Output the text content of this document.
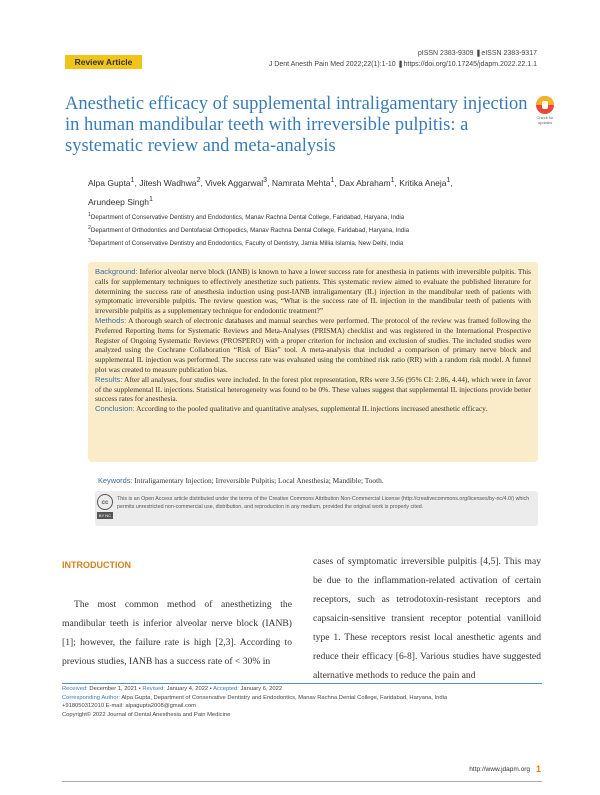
Review Article
pISSN 2383-9309 ❚eISSN 2383-9317
J Dent Anesth Pain Med 2022;22(1):1-10 ❚https://doi.org/10.17245/jdapm.2022.22.1.1
Check for updates
Anesthetic efficacy of supplemental intraligamentary injection in human mandibular teeth with irreversible pulpitis: a systematic review and meta-analysis
Alpa Gupta$^1$, Jitesh Wadhwa$^2$, Vivek Aggarwal$^3$, Namrata Mehta$^1$, Dax Abraham$^1$, Kritika Aneja$^1$,
Arundeep Singh$^1$
$^1$Department of Conservative Dentistry and Endodontics, Manav Rachna Dental College, Faridabad, Haryana, India
$^2$Department of Orthodontics and Dentofacial Orthopedics, Manav Rachna Dental College, Faridabad, Haryana, India
$^3$Department of Conservative Dentistry and Endodontics, Faculty of Dentistry, Jamia Millia Islamia, New Delhi, India
Background: Inferior alveolar nerve block (IANB) is known to have a lower success rate for anesthesia in patients with irreversible pulpitis. This calls for supplementary techniques to effectively anesthetize such patients. This systematic review aimed to evaluate the published literature for determining the success rate of anesthesia induction using post-IANB intraligamentary (IL) injection in the mandibular teeth of patients with symptomatic irreversible pulpitis. The review question was, “What is the success rate of IL injection in the mandibular teeth of patients with irreversible pulpitis as a supplementary technique for endodontic treatment?”
Methods: A thorough search of electronic databases and manual searches were performed. The protocol of the review was framed following the Preferred Reporting Items for Systematic Reviews and Meta-Analyses (PRISMA) checklist and was registered in the International Prospective Register of Ongoing Systematic Reviews (PROSPERO) with a proper criterion for inclusion and exclusion of studies. The included studies were analyzed using the Cochrane Collaboration “Risk of Bias” tool. A meta-analysis that included a comparison of primary nerve block and supplemental IL injection was performed. The success rate was evaluated using the combined risk ratio (RR) with a random risk model. A funnel plot was created to measure publication bias.
Results: After all analyses, four studies were included. In the forest plot representation, RRs were 3.56 (95% CI: 2.86, 4.44), which were in favor of the supplemental IL injections. Statistical heterogeneity was found to be 0%. These values suggest that supplemental IL injections provide better success rates for anesthesia.
Conclusion: According to the pooled qualitative and quantitative analyses, supplemental IL injections increased anesthetic efficacy.
Keywords: Intraligamentary Injection; Irreversible Pulpitis; Local Anesthesia; Mandible; Tooth.
cc
BY NC
This is an Open Access article distributed under the terms of the Creative Commons Attribution Non-Commercial License (http://creativecommons.org/licenses/by-nc/4.0/) which permits unrestricted non-commercial use, distribution, and reproduction in any medium, provided the original work is properly cited.
INTRODUCTION
The most common method of anesthetizing the mandibular teeth is inferior alveolar nerve block (IANB) [1]; however, the failure rate is high [2,3]. According to previous studies, IANB has a success rate of < 30% in
cases of symptomatic irreversible pulpitis [4,5]. This may be due to the inflammation-related activation of certain receptors, such as tetrodotoxin-resistant receptors and capsaicin-sensitive transient receptor potential vanilloid type 1. These receptors resist local anesthetic agents and reduce their efficacy [6-8]. Various studies have suggested alternative methods to reduce the pain and
Received: December 1, 2021 • Revised: January 4, 2022 • Accepted: January 6, 2022
Corresponding Author: Alpa Gupta, Department of Conservative Dentistry and Endodontics, Manav Rachna Dental College, Faridabad, Haryana, India
+918050312010 E-mail: alpagupta2008@gmail.com
Copyright© 2022 Journal of Dental Anesthesia and Pain Medicine
http://www.jdapm.org 1
